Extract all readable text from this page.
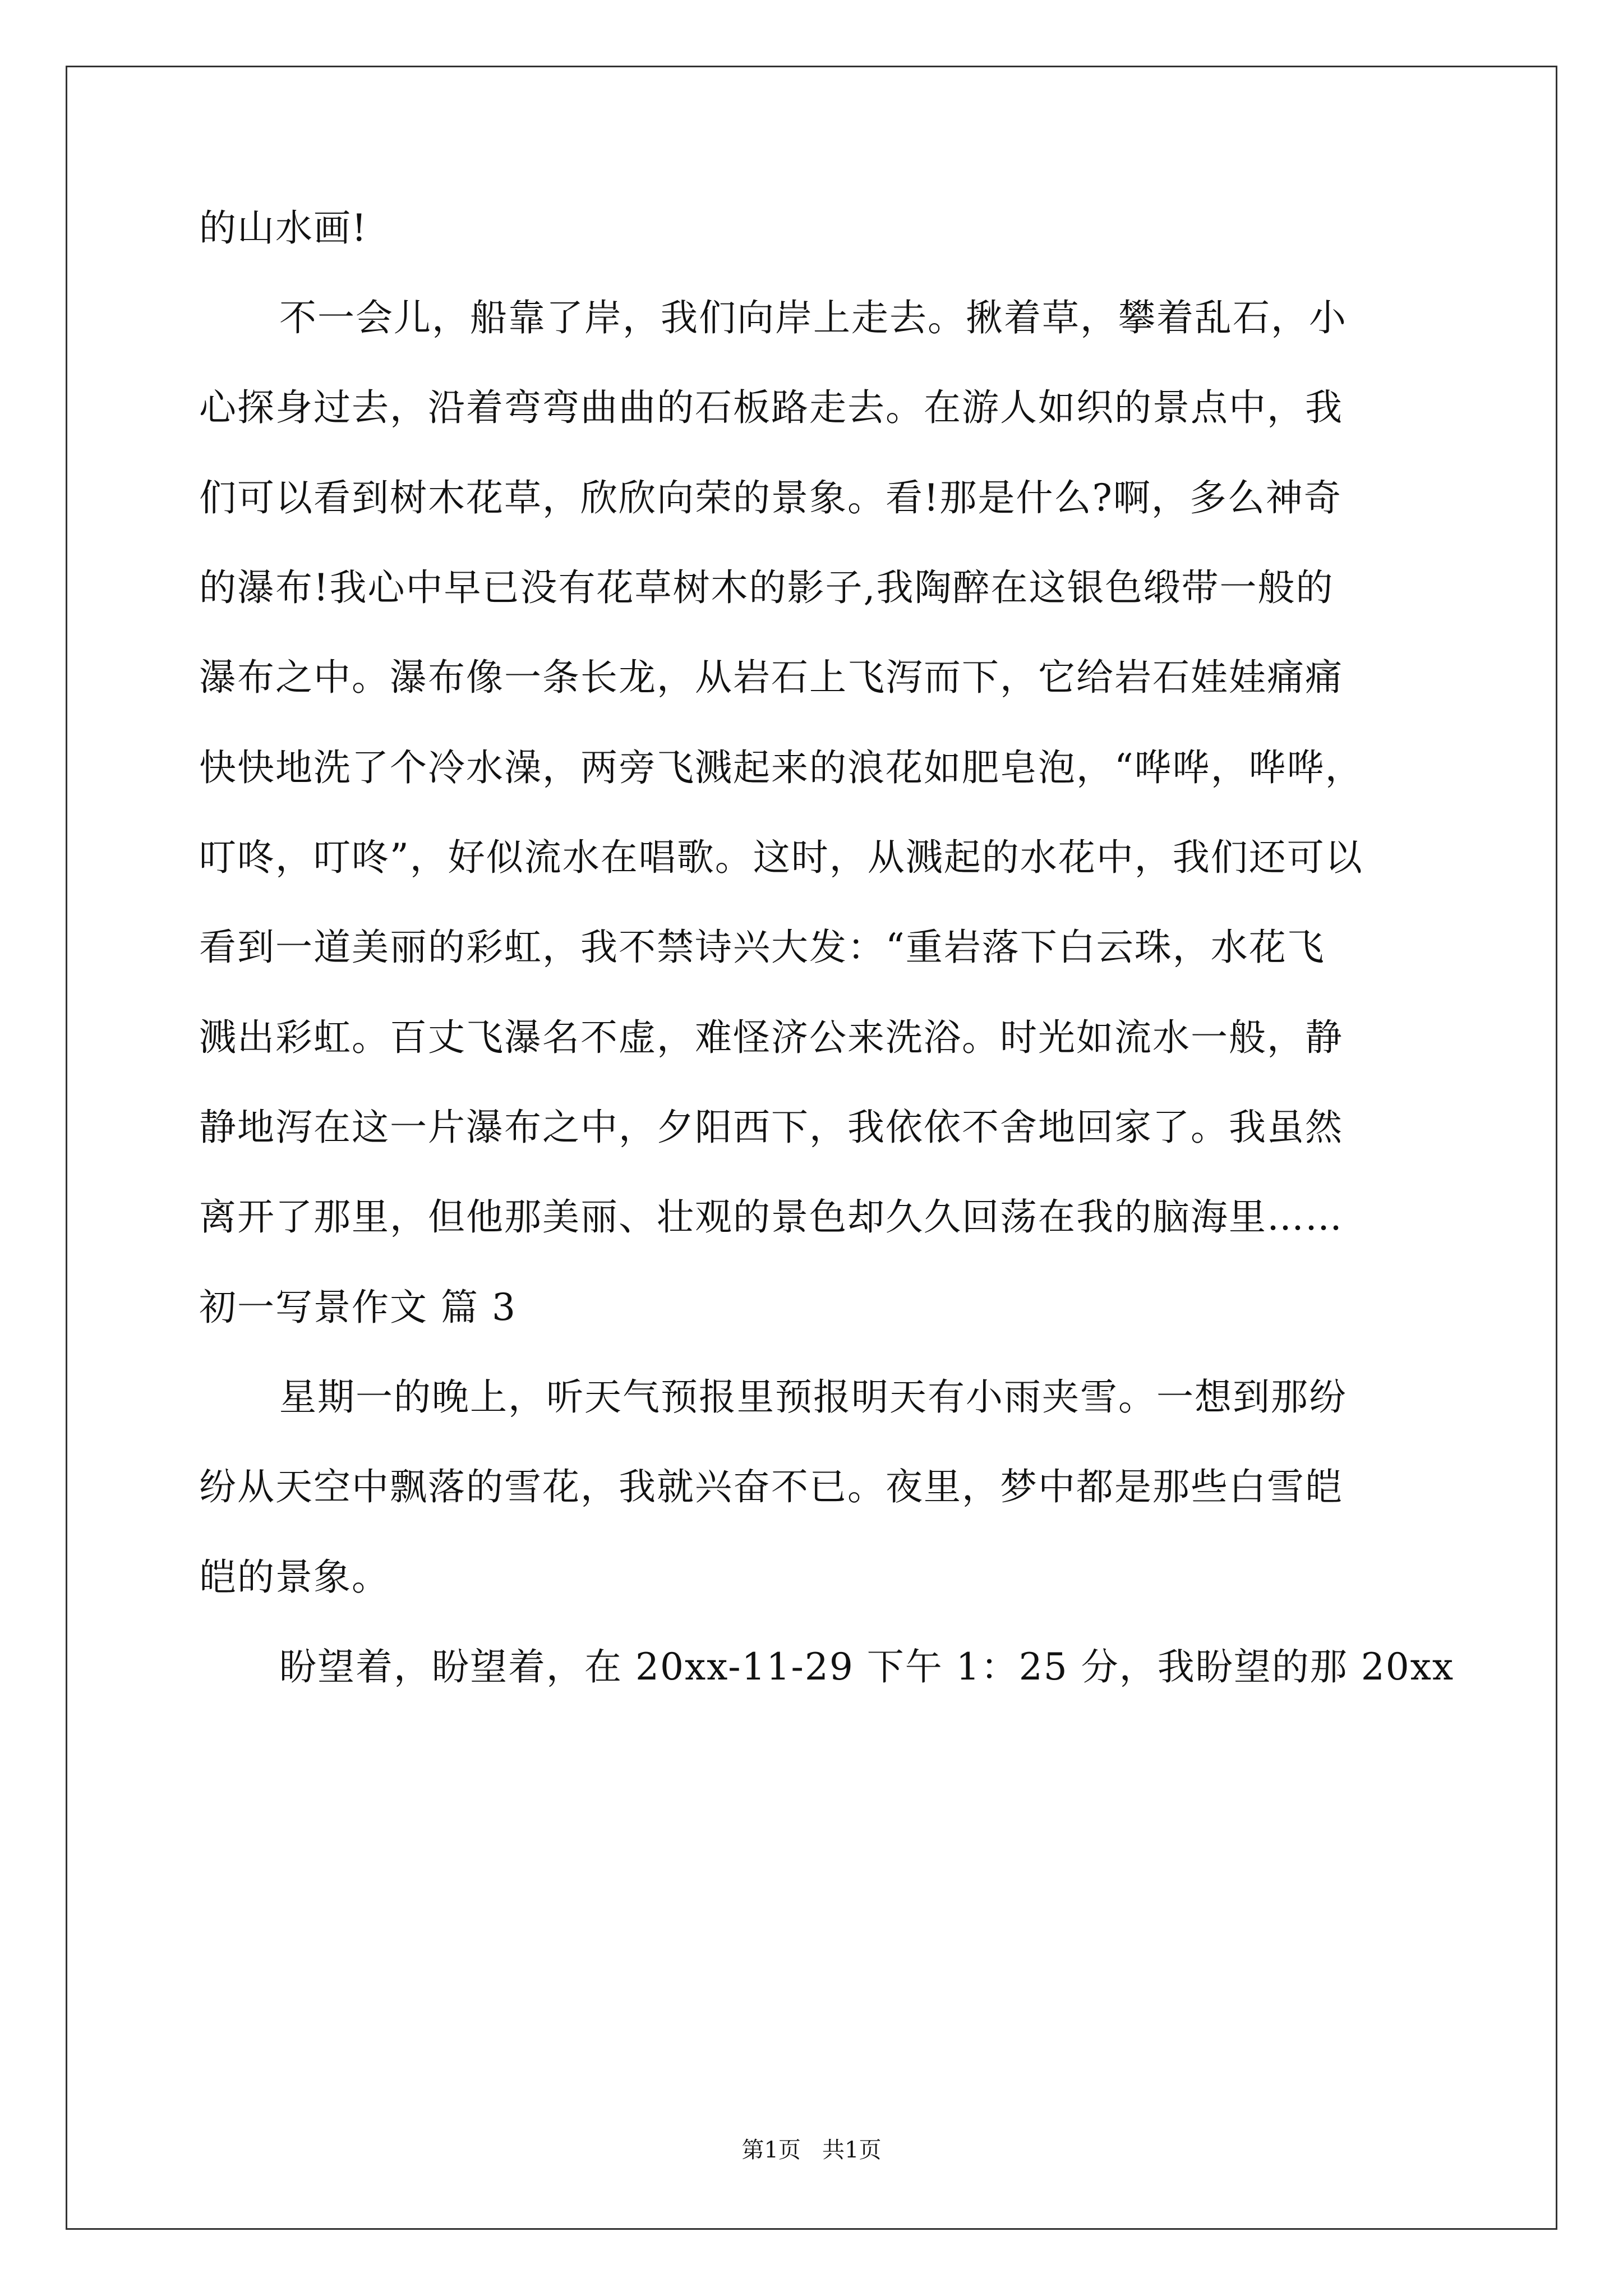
的山水画!
不一会儿，船靠了岸，我们向岸上走去。揪着草，攀着乱石，小
心探身过去，沿着弯弯曲曲的石板路走去。在游人如织的景点中，我
们可以看到树木花草，欣欣向荣的景象。看!那是什么?啊，多么神奇
的瀑布!我心中早已没有花草树木的影子,我陶醉在这银色缎带一般的
瀑布之中。瀑布像一条长龙，从岩石上飞泻而下，它给岩石娃娃痛痛
快快地洗了个冷水澡，两旁飞溅起来的浪花如肥皂泡，“哗哗，哗哗，
叮咚，叮咚”，好似流水在唱歌。这时，从溅起的水花中，我们还可以
看到一道美丽的彩虹，我不禁诗兴大发：“重岩落下白云珠，水花飞
溅出彩虹。百丈飞瀑名不虚，难怪济公来洗浴。时光如流水一般，静
静地泻在这一片瀑布之中，夕阳西下，我依依不舍地回家了。我虽然
离开了那里，但他那美丽、壮观的景色却久久回荡在我的脑海里……
初一写景作文 篇 3
星期一的晚上，听天气预报里预报明天有小雨夹雪。一想到那纷
纷从天空中飘落的雪花，我就兴奋不已。夜里，梦中都是那些白雪皑
皑的景象。
盼望着，盼望着，在 20xx-11-29 下午 1：25 分，我盼望的那 20xx
第1页   共1页
